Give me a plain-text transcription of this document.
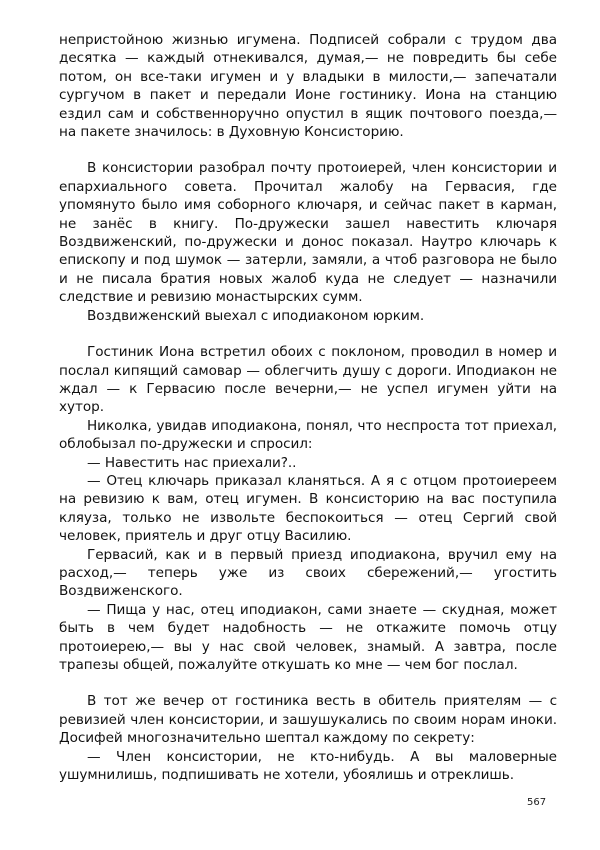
непристойною жизнью игумена. Подписей собрали с трудом два десятка — каждый отнекивался, думая,— не повредить бы себе потом, он все-таки игумен и у владыки в милости,— запечатали сургучом в пакет и передали Ионе гостинику. Иона на станцию ездил сам и собственноручно опустил в ящик почтового поезда,— на пакете значилось: в Духовную Консисторию.

В консистории разобрал почту протоиерей, член консистории и епархиального совета. Прочитал жалобу на Гервасия, где упомянуто было имя соборного ключаря, и сейчас пакет в карман, не занёс в книгу. По-дружески зашел навестить ключаря Воздвиженский, по-дружески и донос показал. Наутро ключарь к епископу и под шумок — затерли, замяли, а чтоб разговора не было и не писала братия новых жалоб куда не следует — назначили следствие и ревизию монастырских сумм.

Воздвиженский выехал с иподиаконом юрким.

Гостиник Иона встретил обоих с поклоном, проводил в номер и послал кипящий самовар — облегчить душу с дороги. Иподиакон не ждал — к Гервасию после вечерни,— не успел игумен уйти на хутор.

Николка, увидав иподиакона, понял, что неспроста тот приехал, облобызал по-дружески и спросил:

— Навестить нас приехали?..

— Отец ключарь приказал кланяться. А я с отцом протоиереем на ревизию к вам, отец игумен. В консисторию на вас поступила кляуза, только не извольте беспокоиться — отец Сергий свой человек, приятель и друг отцу Василию.

Гервасий, как и в первый приезд иподиакона, вручил ему на расход,— теперь уже из своих сбережений,— угостить Воздвиженского.

— Пища у нас, отец иподиакон, сами знаете — скудная, может быть в чем будет надобность — не откажите помочь отцу протоиерею,— вы у нас свой человек, знамый. А завтра, после трапезы общей, пожалуйте откушать ко мне — чем бог послал.

В тот же вечер от гостиника весть в обитель приятелям — с ревизией член консистории, и зашушукались по своим норам иноки. Досифей многозначительно шептал каждому по секрету:

— Член консистории, не кто-нибудь. А вы маловерные ушумнилишь, подпишивать не хотели, убоялишь и отреклишь.

567
